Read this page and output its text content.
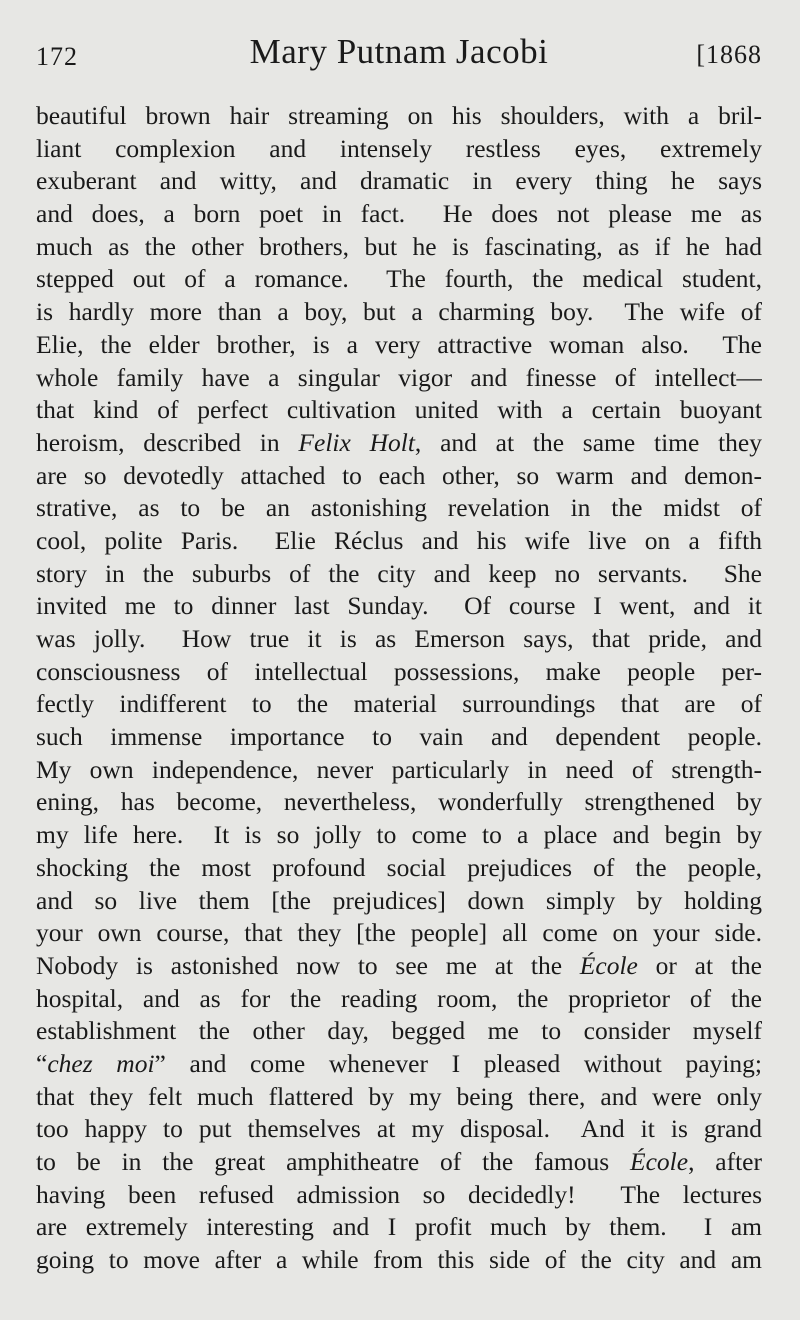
172	Mary Putnam Jacobi	[1868
beautiful brown hair streaming on his shoulders, with a bril-
liant complexion and intensely restless eyes, extremely
exuberant and witty, and dramatic in every thing he says
and does, a born poet in fact.  He does not please me as
much as the other brothers, but he is fascinating, as if he had
stepped out of a romance.  The fourth, the medical student,
is hardly more than a boy, but a charming boy.  The wife of
Elie, the elder brother, is a very attractive woman also.  The
whole family have a singular vigor and finesse of intellect—
that kind of perfect cultivation united with a certain buoyant
heroism, described in Felix Holt, and at the same time they
are so devotedly attached to each other, so warm and demon-
strative, as to be an astonishing revelation in the midst of
cool, polite Paris.  Elie Réclus and his wife live on a fifth
story in the suburbs of the city and keep no servants.  She
invited me to dinner last Sunday.  Of course I went, and it
was jolly.  How true it is as Emerson says, that pride, and
consciousness of intellectual possessions, make people per-
fectly indifferent to the material surroundings that are of
such immense importance to vain and dependent people.
My own independence, never particularly in need of strength-
ening, has become, nevertheless, wonderfully strengthened by
my life here.  It is so jolly to come to a place and begin by
shocking the most profound social prejudices of the people,
and so live them [the prejudices] down simply by holding
your own course, that they [the people] all come on your side.
Nobody is astonished now to see me at the École or at the
hospital, and as for the reading room, the proprietor of the
establishment the other day, begged me to consider myself
“chez moi” and come whenever I pleased without paying;
that they felt much flattered by my being there, and were only
too happy to put themselves at my disposal.  And it is grand
to be in the great amphitheatre of the famous École, after
having been refused admission so decidedly!  The lectures
are extremely interesting and I profit much by them.  I am
going to move after a while from this side of the city and am
